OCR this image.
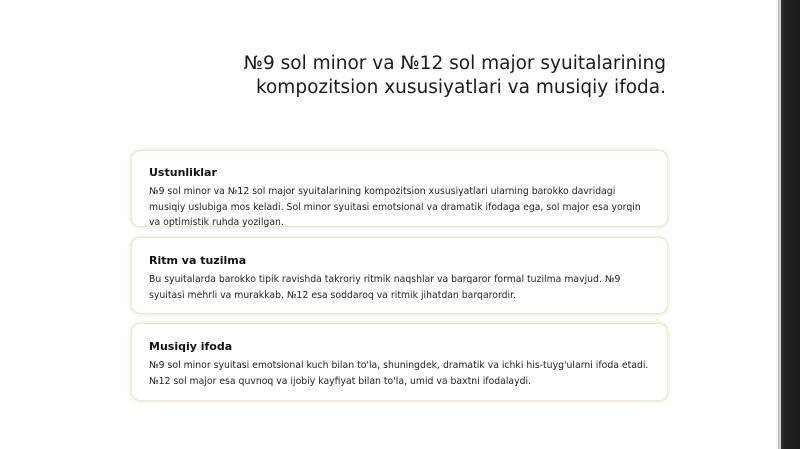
№9 sol minor va №12 sol major syuitalarining kompozitsion xususiyatlari va musiqiy ifoda.
Ustunliklar

№9 sol minor va №12 sol major syuitalarining kompozitsion xususiyatlari ularning barokko davridagi musiqiy uslubiga mos keladi. Sol minor syuitasi emotsional va dramatik ifodaga ega, sol major esa yorqin va optimistik ruhda yozilgan.

Ritm va tuzilma

Bu syuitalarda barokko tipik ravishda takroriy ritmik naqshlar va barqaror formal tuzilma mavjud. №9 syuitasi mehrli va murakkab, №12 esa soddaroq va ritmik jihatdan barqarordir.

Musiqiy ifoda

№9 sol minor syuitasi emotsional kuch bilan to'la, shuningdek, dramatik va ichki his-tuyg'ularni ifoda etadi. №12 sol major esa quvnoq va ijobiy kayfiyat bilan to'la, umid va baxtni ifodalaydi.
